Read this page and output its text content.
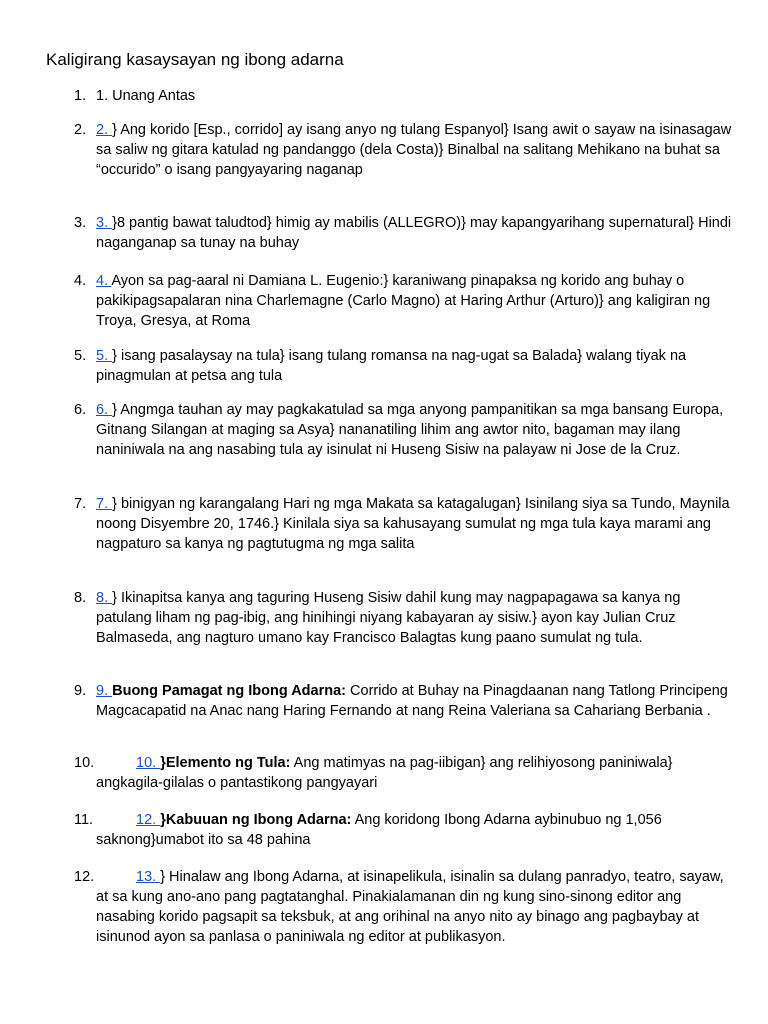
Kaligirang kasaysayan ng ibong adarna
1. 1. Unang Antas
2. 2. } Ang korido [Esp., corrido] ay isang anyo ng tulang Espanyol} Isang awit o sayaw na isinasagaw sa saliw ng gitara katulad ng pandanggo (dela Costa)} Binalbal na salitang Mehikano na buhat sa “occurido” o isang pangyayaring naganap
3. 3. }8 pantig bawat taludtod} himig ay mabilis (ALLEGRO)} may kapangyarihang supernatural} Hindi naganganap sa tunay na buhay
4. 4. Ayon sa pag-aaral ni Damiana L. Eugenio:} karaniwang pinapaksa ng korido ang buhay o pakikipagsapalaran nina Charlemagne (Carlo Magno) at Haring Arthur (Arturo)} ang kaligiran ng Troya, Gresya, at Roma
5. 5. } isang pasalaysay na tula} isang tulang romansa na nag-ugat sa Balada} walang tiyak na pinagmulan at petsa ang tula
6. 6. } Angmga tauhan ay may pagkakatulad sa mga anyong pampanitikan sa mga bansang Europa, Gitnang Silangan at maging sa Asya} nananatiling lihim ang awtor nito, bagaman may ilang naniniwala na ang nasabing tula ay isinulat ni Huseng Sisiw na palayaw ni Jose de la Cruz.
7. 7. } binigyan ng karangalang Hari ng mga Makata sa katagalugan} Isinilang siya sa Tundo, Maynila noong Disyembre 20, 1746.} Kinilala siya sa kahusayang sumulat ng mga tula kaya marami ang nagpaturo sa kanya ng pagtutugma ng mga salita
8. 8. } Ikinapitsa kanya ang taguring Huseng Sisiw dahil kung may nagpapagawa sa kanya ng patulang liham ng pag-ibig, ang hinihingi niyang kabayaran ay sisiw.} ayon kay Julian Cruz Balmaseda, ang nagturo umano kay Francisco Balagtas kung paano sumulat ng tula.
9. 9. Buong Pamagat ng Ibong Adarna: Corrido at Buhay na Pinagdaanan nang Tatlong Principeng Magcacapatid na Anac nang Haring Fernando at nang Reina Valeriana sa Cahariang Berbania .
10.	10. }Elemento ng Tula: Ang matimyas na pag-iibigan} ang relihiyosong paniniwala} angkagila-gilalas o pantastikong pangyayari
11.	12. }Kabuuan ng Ibong Adarna: Ang koridong Ibong Adarna aybinubuo ng 1,056 saknong}umabot ito sa 48 pahina
12.	13. } Hinalaw ang Ibong Adarna, at isinapelikula, isinalin sa dulang panradyo, teatro, sayaw, at sa kung ano-ano pang pagtatanghal. Pinakialamanan din ng kung sino-sinong editor ang nasabing korido pagsapit sa teksbuk, at ang orihinal na anyo nito ay binago ang pagbaybay at isinunod ayon sa panlasa o paniniwala ng editor at publikasyon.
